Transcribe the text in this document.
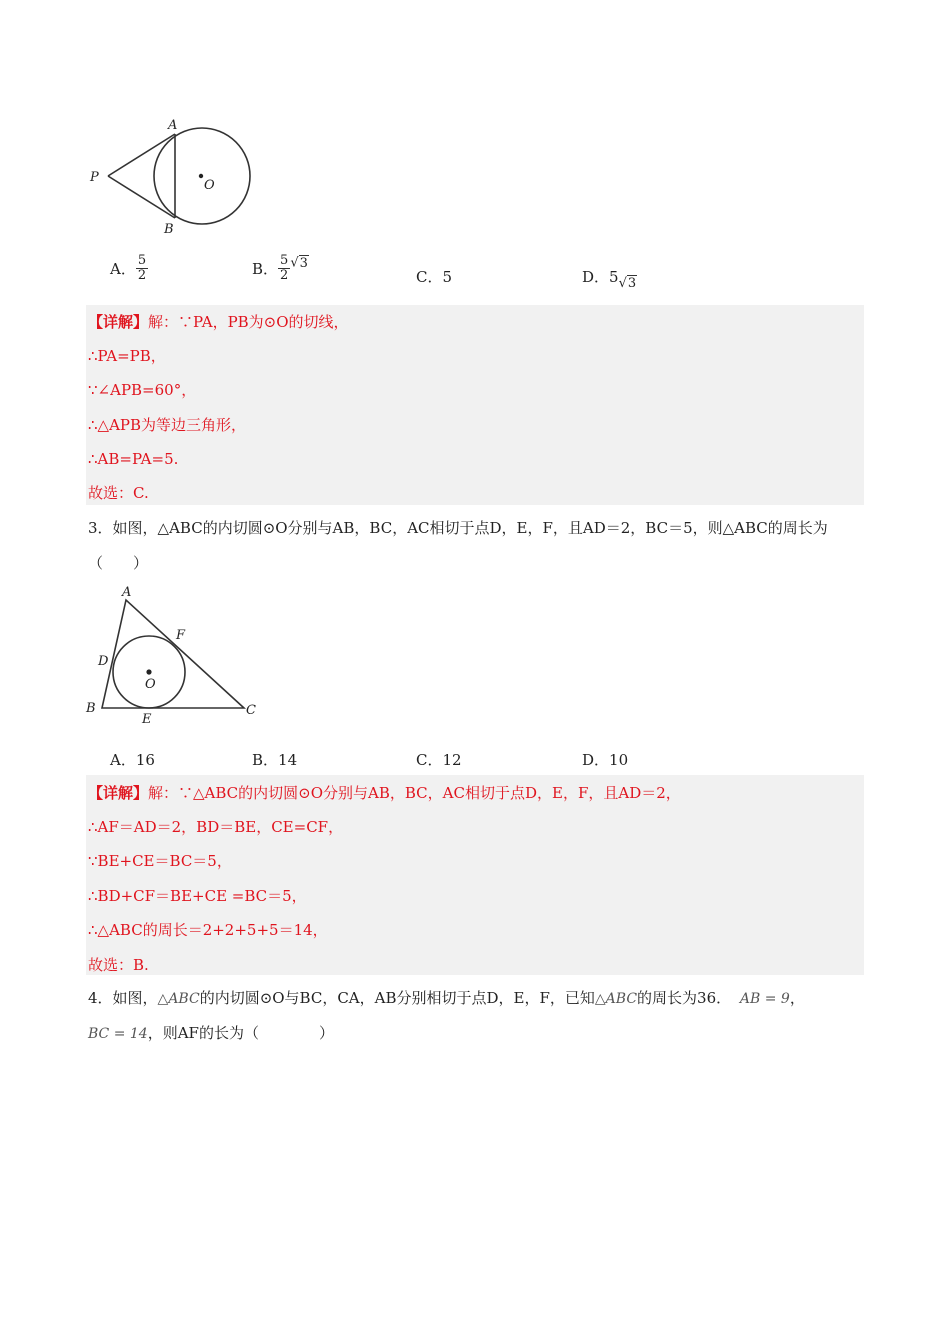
A
B
P
O
A． $\frac{5}{2}$	B． $\frac{5}{2} √3$
C．5	D．5√3
【详解】解：∵PA，PB为⊙O的切线，
∴PA=PB，
∵∠APB=60°，
∴△APB为等边三角形，
∴AB=PA=5.
故选：C.
3．如图，△ABC的内切圆⊙O分别与AB，BC，AC相切于点D，E，F，且AD＝2，BC＝5，则△ABC的周长为
（　　）
A
B	C
D
E
F
O
A．16	B．14	C．12	D．10
【详解】解：∵△ABC的内切圆⊙O分别与AB，BC，AC相切于点D，E，F，且AD＝2，
∴AF＝AD＝2，BD＝BE，CE=CF，
∵BE+CE＝BC＝5，
∴BD+CF＝BE+CE =BC＝5，
∴△ABC的周长＝2+2+5+5＝14，
故选：B.
4．如图，△ABC的内切圆⊙O与BC，CA，AB分别相切于点D，E，F，已知△ABC的周长为36． AB = 9，
BC = 14，则AF的长为（　　　　）
